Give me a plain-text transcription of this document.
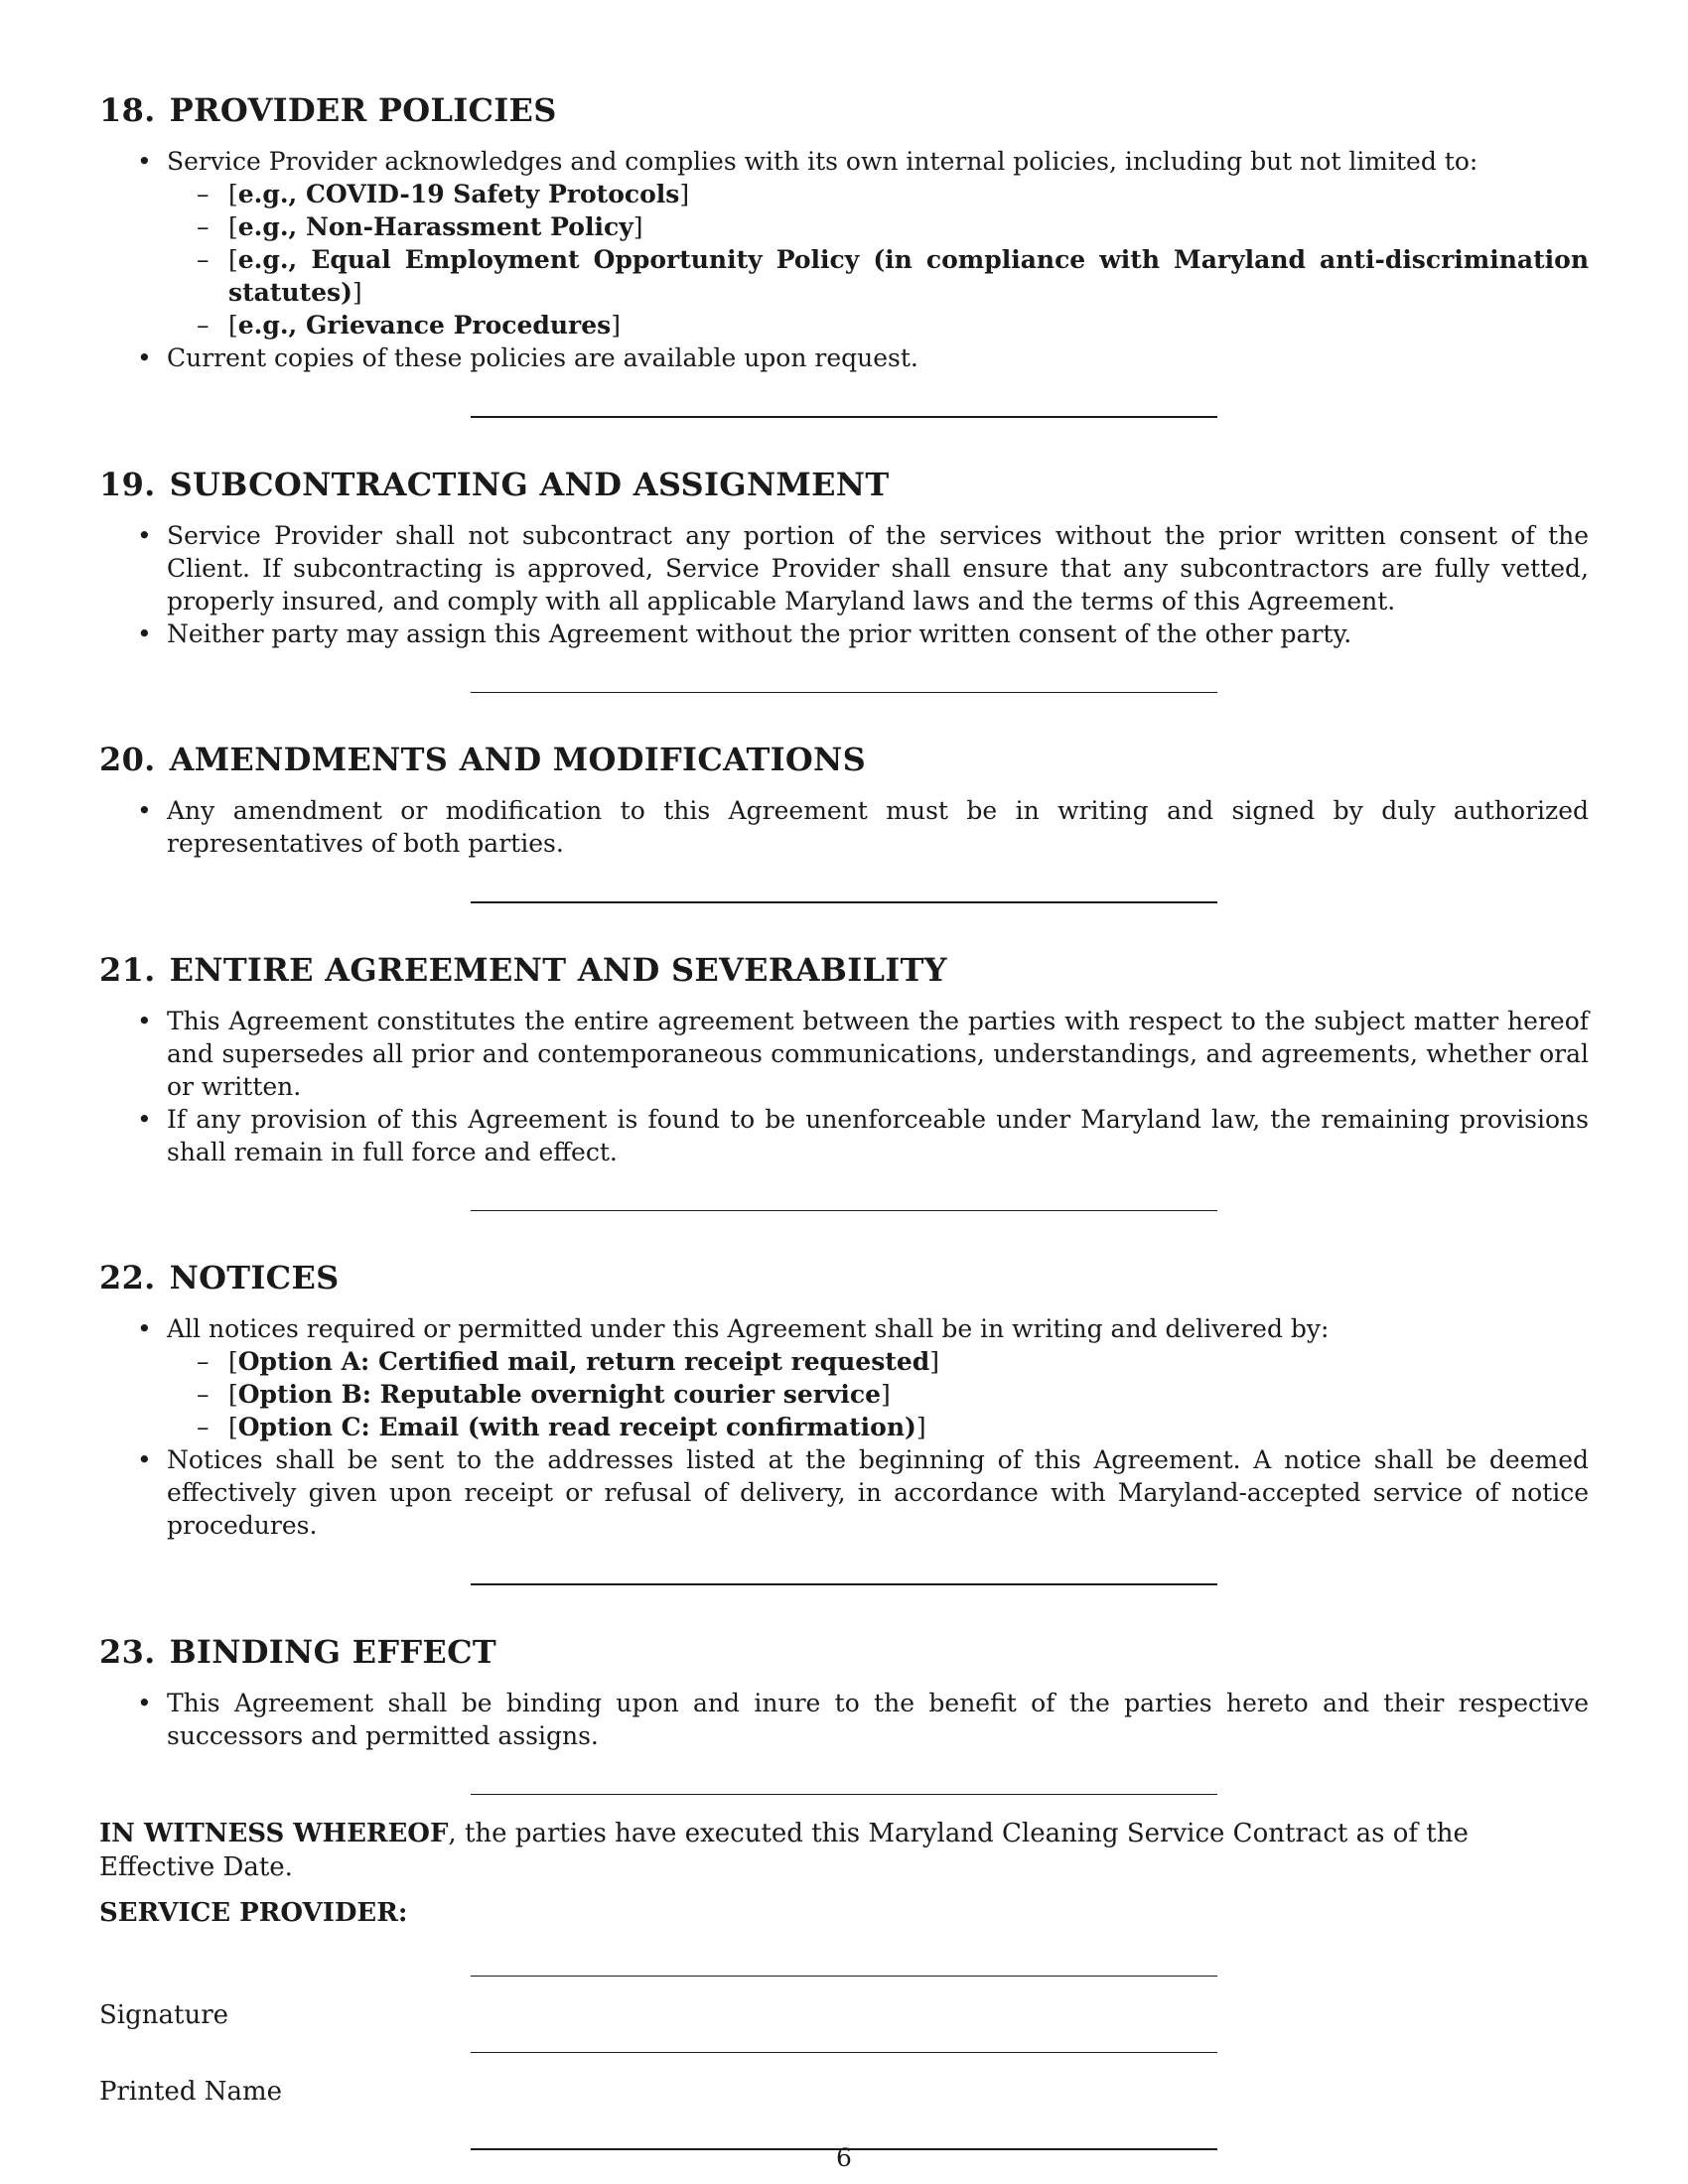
18. PROVIDER POLICIES
• Service Provider acknowledges and complies with its own internal policies, including but not limited to:
– [e.g., COVID-19 Safety Protocols]
– [e.g., Non-Harassment Policy]
– [e.g., Equal Employment Opportunity Policy (in compliance with Maryland anti-discrimination statutes)]
– [e.g., Grievance Procedures]
• Current copies of these policies are available upon request.
19. SUBCONTRACTING AND ASSIGNMENT
• Service Provider shall not subcontract any portion of the services without the prior written consent of the Client. If subcontracting is approved, Service Provider shall ensure that any subcontractors are fully vetted, properly insured, and comply with all applicable Maryland laws and the terms of this Agreement.
• Neither party may assign this Agreement without the prior written consent of the other party.
20. AMENDMENTS AND MODIFICATIONS
• Any amendment or modification to this Agreement must be in writing and signed by duly authorized representatives of both parties.
21. ENTIRE AGREEMENT AND SEVERABILITY
• This Agreement constitutes the entire agreement between the parties with respect to the subject matter hereof and supersedes all prior and contemporaneous communications, understandings, and agreements, whether oral or written.
• If any provision of this Agreement is found to be unenforceable under Maryland law, the remaining provisions shall remain in full force and effect.
22. NOTICES
• All notices required or permitted under this Agreement shall be in writing and delivered by:
– [Option A: Certified mail, return receipt requested]
– [Option B: Reputable overnight courier service]
– [Option C: Email (with read receipt confirmation)]
• Notices shall be sent to the addresses listed at the beginning of this Agreement. A notice shall be deemed effectively given upon receipt or refusal of delivery, in accordance with Maryland-accepted service of notice procedures.
23. BINDING EFFECT
• This Agreement shall be binding upon and inure to the benefit of the parties hereto and their respective successors and permitted assigns.

IN WITNESS WHEREOF, the parties have executed this Maryland Cleaning Service Contract as of the Effective Date.

SERVICE PROVIDER:

Signature

Printed Name

6
